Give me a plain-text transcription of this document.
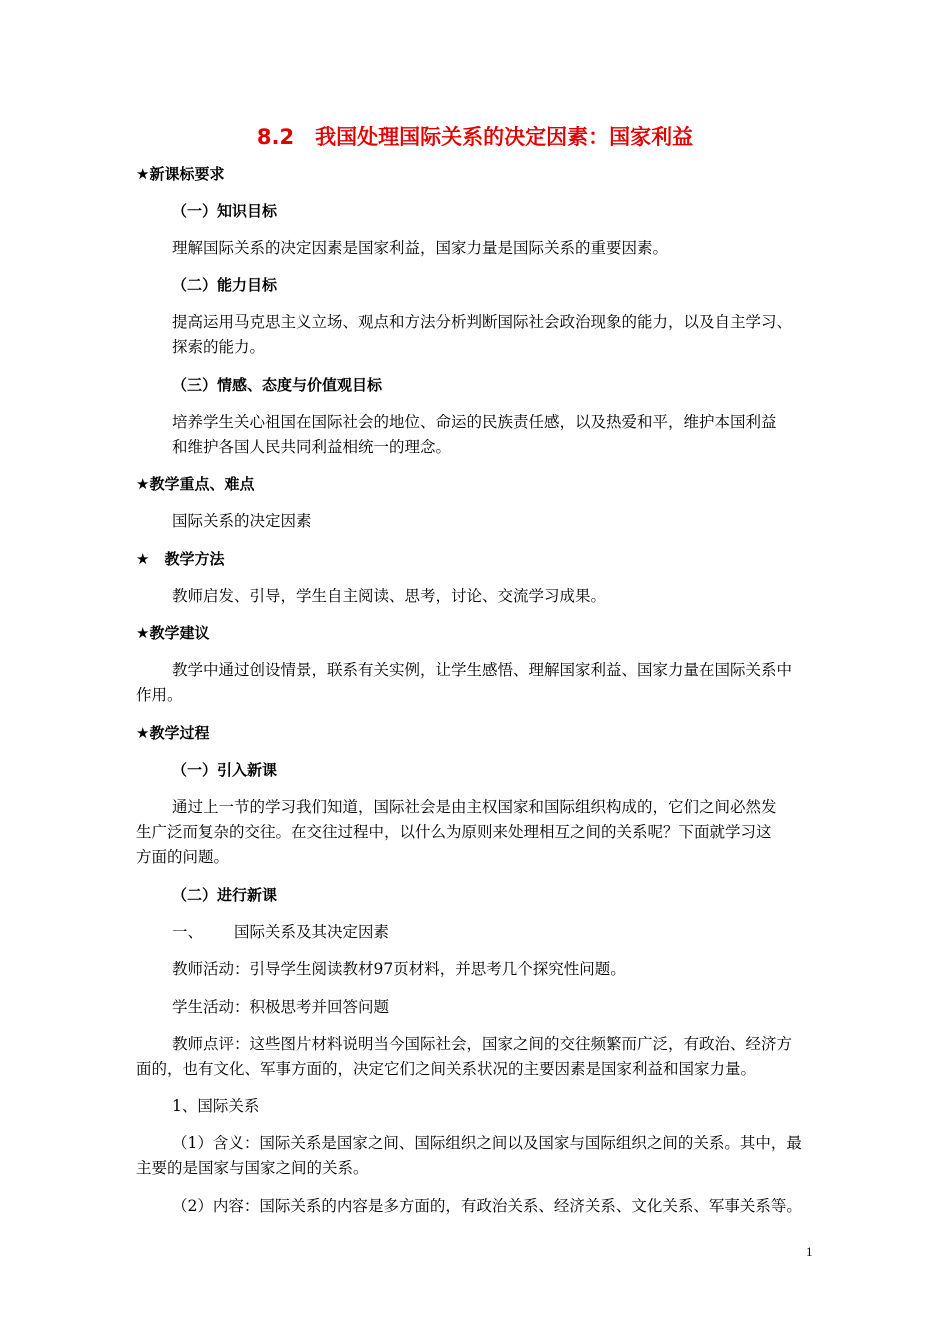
8.2　我国处理国际关系的决定因素：国家利益
★新课标要求
（一）知识目标
理解国际关系的决定因素是国家利益，国家力量是国际关系的重要因素。
（二）能力目标
提高运用马克思主义立场、观点和方法分析判断国际社会政治现象的能力，以及自主学习、
探索的能力。
（三）情感、态度与价值观目标
培养学生关心祖国在国际社会的地位、命运的民族责任感，以及热爱和平，维护本国利益
和维护各国人民共同利益相统一的理念。
★教学重点、难点
国际关系的决定因素
★　教学方法
教师启发、引导，学生自主阅读、思考，讨论、交流学习成果。
★教学建议
教学中通过创设情景，联系有关实例，让学生感悟、理解国家利益、国家力量在国际关系中
作用。
★教学过程
（一）引入新课
通过上一节的学习我们知道，国际社会是由主权国家和国际组织构成的，它们之间必然发
生广泛而复杂的交往。在交往过程中，以什么为原则来处理相互之间的关系呢？下面就学习这
方面的问题。
（二）进行新课
一、 国际关系及其决定因素
教师活动：引导学生阅读教材97页材料，并思考几个探究性问题。
学生活动：积极思考并回答问题
教师点评：这些图片材料说明当今国际社会，国家之间的交往频繁而广泛，有政治、经济方
面的，也有文化、军事方面的，决定它们之间关系状况的主要因素是国家利益和国家力量。
1、国际关系
（1）含义：国际关系是国家之间、国际组织之间以及国家与国际组织之间的关系。其中，最
主要的是国家与国家之间的关系。
（2）内容：国际关系的内容是多方面的，有政治关系、经济关系、文化关系、军事关系等。
1
